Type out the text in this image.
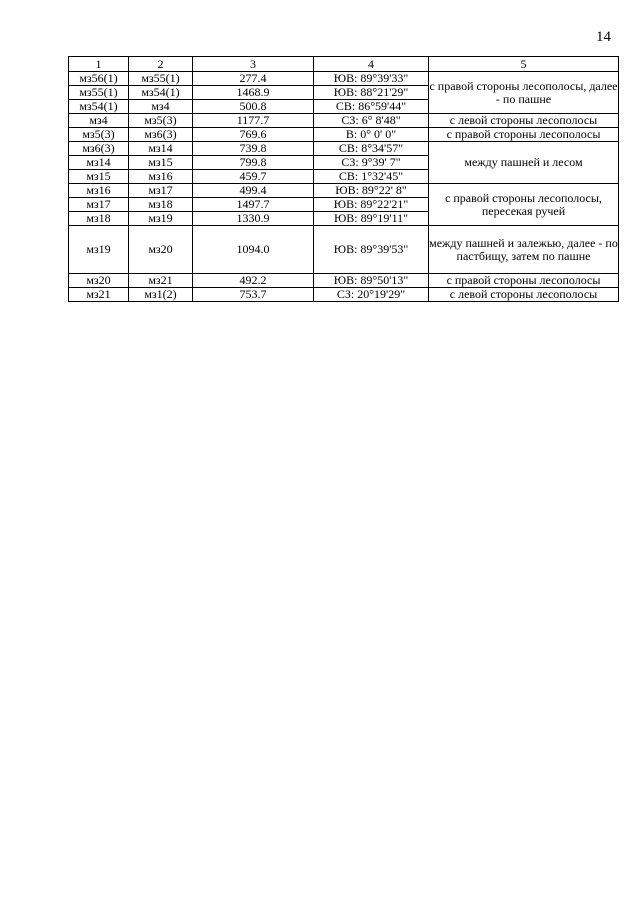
14
1	2	3	4	5
мз56(1)	мз55(1)	277.4	ЮВ: 89°39'33"	с правой стороны лесополосы, далее - по пашне
мз55(1)	мз54(1)	1468.9	ЮВ: 88°21'29"	
мз54(1)	мз4	500.8	СВ: 86°59'44"	
мз4	мз5(3)	1177.7	СЗ: 6° 8'48"	с левой стороны лесополосы
мз5(3)	мз6(3)	769.6	В: 0° 0' 0"	с правой стороны лесополосы
мз6(3)	мз14	739.8	СВ: 8°34'57"	между пашней и лесом
мз14	мз15	799.8	СЗ: 9°39' 7"	
мз15	мз16	459.7	СВ: 1°32'45"	
мз16	мз17	499.4	ЮВ: 89°22' 8"	с правой стороны лесополосы, пересекая ручей
мз17	мз18	1497.7	ЮВ: 89°22'21"	
мз18	мз19	1330.9	ЮВ: 89°19'11"	
мз19	мз20	1094.0	ЮВ: 89°39'53"	между пашней и залежью, далее - по пастбищу, затем по пашне
мз20	мз21	492.2	ЮВ: 89°50'13"	с правой стороны лесополосы
мз21	мз1(2)	753.7	СЗ: 20°19'29"	с левой стороны лесополосы
